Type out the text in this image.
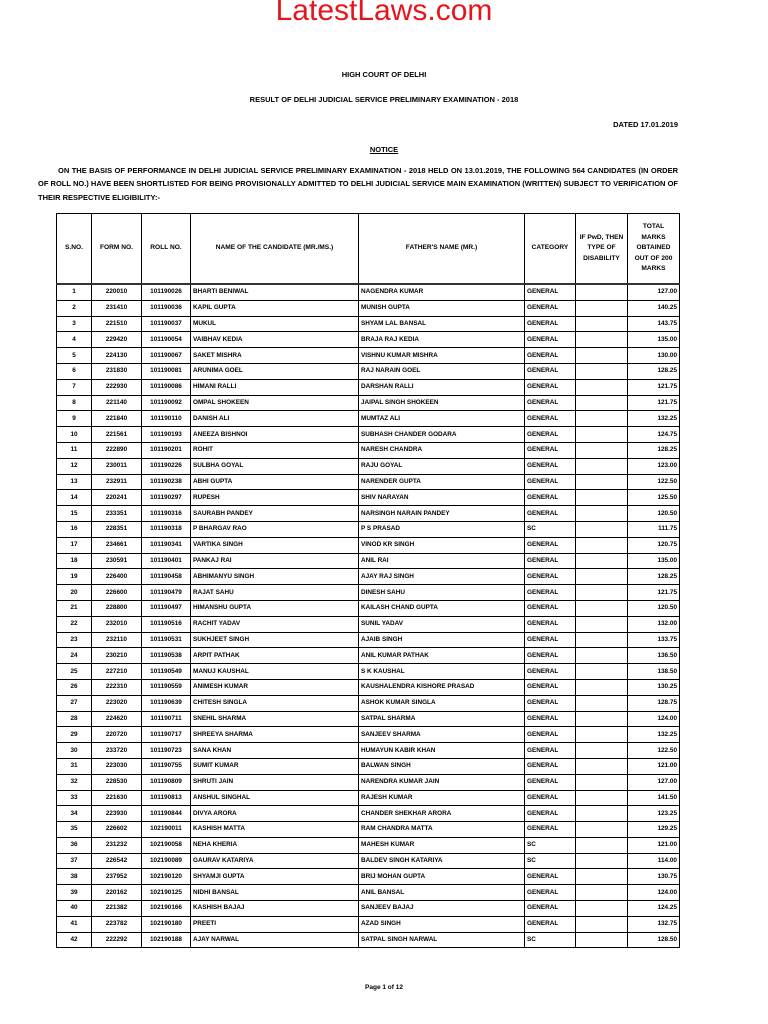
LatestLaws.com
HIGH COURT OF DELHI
RESULT OF DELHI JUDICIAL SERVICE PRELIMINARY EXAMINATION - 2018
DATED 17.01.2019
NOTICE
ON THE BASIS OF PERFORMANCE IN DELHI JUDICIAL SERVICE PRELIMINARY EXAMINATION - 2018 HELD ON 13.01.2019, THE FOLLOWING 564 CANDIDATES (IN ORDER OF ROLL NO.) HAVE BEEN SHORTLISTED FOR BEING PROVISIONALLY ADMITTED TO DELHI JUDICIAL SERVICE MAIN EXAMINATION (WRITTEN) SUBJECT TO VERIFICATION OF THEIR RESPECTIVE ELIGIBILITY:-
S.NO.	FORM NO.	ROLL NO.	NAME OF THE CANDIDATE (MR./MS.)	FATHER'S NAME (MR.)	CATEGORY	IF PwD, THEN TYPE OF DISABILITY	TOTAL MARKS OBTAINED OUT OF 200 MARKS
1	220010	101190026	BHARTI BENIWAL	NAGENDRA KUMAR	GENERAL		127.00
2	231410	101190036	KAPIL GUPTA	MUNISH GUPTA	GENERAL		140.25
3	221510	101190037	MUKUL	SHYAM LAL BANSAL	GENERAL		143.75
4	229420	101190054	VAIBHAV KEDIA	BRAJA RAJ KEDIA	GENERAL		135.00
5	224130	101190067	SAKET MISHRA	VISHNU KUMAR MISHRA	GENERAL		130.00
6	231830	101190081	ARUNIMA GOEL	RAJ NARAIN GOEL	GENERAL		128.25
7	222930	101190086	HIMANI RALLI	DARSHAN RALLI	GENERAL		121.75
8	221140	101190092	OMPAL SHOKEEN	JAIPAL SINGH SHOKEEN	GENERAL		121.75
9	221840	101190110	DANISH ALI	MUMTAZ ALI	GENERAL		132.25
10	221561	101190193	ANEEZA BISHNOI	SUBHASH CHANDER GODARA	GENERAL		124.75
11	222890	101190201	ROHIT	NARESH CHANDRA	GENERAL		128.25
12	230011	101190226	SULBHA GOYAL	RAJU GOYAL	GENERAL		123.00
13	232911	101190238	ABHI GUPTA	NARENDER GUPTA	GENERAL		122.50
14	220241	101190297	RUPESH	SHIV NARAYAN	GENERAL		125.50
15	233351	101190316	SAURABH PANDEY	NARSINGH NARAIN PANDEY	GENERAL		120.50
16	228351	101190318	P BHARGAV RAO	P S PRASAD	SC		111.75
17	234661	101190341	VARTIKA SINGH	VINOD KR SINGH	GENERAL		120.75
18	230591	101190401	PANKAJ RAI	ANIL RAI	GENERAL		135.00
19	226400	101190458	ABHIMANYU SINGH	AJAY RAJ SINGH	GENERAL		128.25
20	226600	101190479	RAJAT SAHU	DINESH SAHU	GENERAL		121.75
21	228800	101190497	HIMANSHU GUPTA	KAILASH CHAND GUPTA	GENERAL		120.50
22	232010	101190516	RACHIT YADAV	SUNIL YADAV	GENERAL		132.00
23	232110	101190531	SUKHJEET SINGH	AJAIB SINGH	GENERAL		133.75
24	230210	101190538	ARPIT PATHAK	ANIL KUMAR PATHAK	GENERAL		136.50
25	227210	101190549	MANUJ KAUSHAL	S K KAUSHAL	GENERAL		138.50
26	222310	101190559	ANIMESH KUMAR	KAUSHALENDRA KISHORE PRASAD	GENERAL		130.25
27	223020	101190639	CHITESH SINGLA	ASHOK KUMAR SINGLA	GENERAL		128.75
28	224620	101190711	SNEHIL SHARMA	SATPAL SHARMA	GENERAL		124.00
29	220720	101190717	SHREEYA SHARMA	SANJEEV SHARMA	GENERAL		132.25
30	233720	101190723	SANA KHAN	HUMAYUN KABIR KHAN	GENERAL		122.50
31	223030	101190755	SUMIT KUMAR	BALWAN SINGH	GENERAL		121.00
32	228530	101190809	SHRUTI JAIN	NARENDRA KUMAR JAIN	GENERAL		127.00
33	221630	101190813	ANSHUL SINGHAL	RAJESH KUMAR	GENERAL		141.50
34	223930	101190844	DIVYA ARORA	CHANDER SHEKHAR ARORA	GENERAL		123.25
35	226602	102190011	KASHISH MATTA	RAM CHANDRA MATTA	GENERAL		129.25
36	231232	102190058	NEHA KHERIA	MAHESH KUMAR	SC		121.00
37	226542	102190089	GAURAV KATARIYA	BALDEV SINGH KATARIYA	SC		114.00
38	237952	102190120	SHYAMJI GUPTA	BRIJ MOHAN GUPTA	GENERAL		130.75
39	220162	102190125	NIDHI BANSAL	ANIL BANSAL	GENERAL		124.00
40	221382	102190166	KASHISH BAJAJ	SANJEEV BAJAJ	GENERAL		124.25
41	223782	102190180	PREETI	AZAD SINGH	GENERAL		132.75
42	222292	102190188	AJAY NARWAL	SATPAL SINGH NARWAL	SC		128.50
Page 1 of 12
